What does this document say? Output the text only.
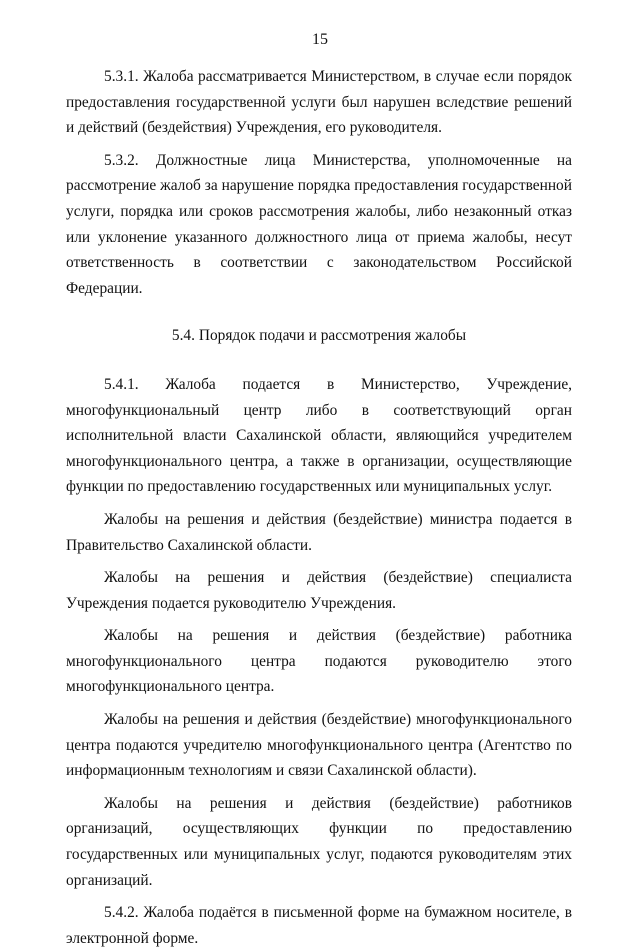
15

5.3.1. Жалоба рассматривается Министерством, в случае если порядок предоставления государственной услуги был нарушен вследствие решений и действий (бездействия) Учреждения, его руководителя.

5.3.2. Должностные лица Министерства, уполномоченные на рассмотрение жалоб за нарушение порядка предоставления государственной услуги, порядка или сроков рассмотрения жалобы, либо незаконный отказ или уклонение указанного должностного лица от приема жалобы, несут ответственность в соответствии с законодательством Российской Федерации.

5.4. Порядок подачи и рассмотрения жалобы

5.4.1. Жалоба подается в Министерство, Учреждение, многофункциональный центр либо в соответствующий орган исполнительной власти Сахалинской области, являющийся учредителем многофункционального центра, а также в организации, осуществляющие функции по предоставлению государственных или муниципальных услуг.

Жалобы на решения и действия (бездействие) министра подается в Правительство Сахалинской области.

Жалобы на решения и действия (бездействие) специалиста Учреждения подается руководителю Учреждения.

Жалобы на решения и действия (бездействие) работника многофункционального центра подаются руководителю этого многофункционального центра.

Жалобы на решения и действия (бездействие) многофункционального центра подаются учредителю многофункционального центра (Агентство по информационным технологиям и связи Сахалинской области).

Жалобы на решения и действия (бездействие) работников организаций, осуществляющих функции по предоставлению государственных или муниципальных услуг, подаются руководителям этих организаций.

5.4.2. Жалоба подаётся в письменной форме на бумажном носителе, в электронной форме.
